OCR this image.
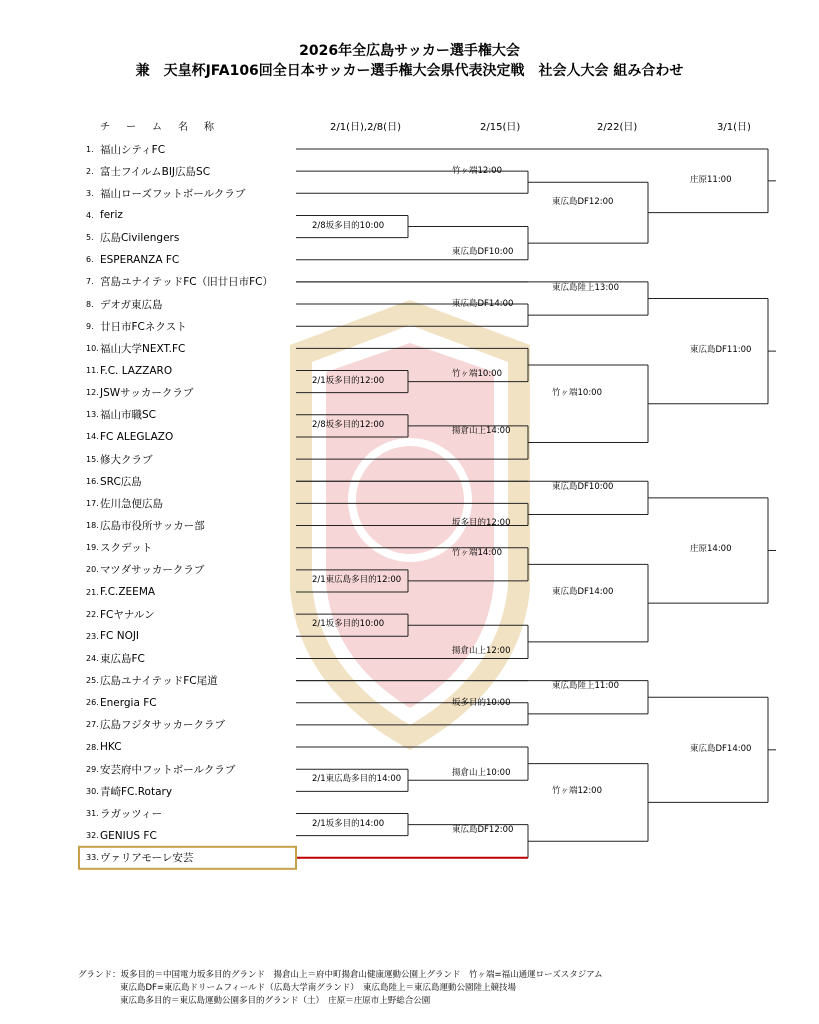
2026年全広島サッカー選手権大会
兼　天皇杯JFA106回全日本サッカー選手権大会県代表決定戦　社会人大会 組み合わせ
チ　ー　ム　名　称	2/1(日),2/8(日)	2/15(日)	2/22(日)	3/1(日)
1. 福山シティFC
2. 富士フイルムBIJ広島SC
3. 福山ローズフットボールクラブ
4. feriz
5. 広島Civilengers
6. ESPERANZA FC
7. 宮島ユナイテッドFC（旧廿日市FC）
8. デオガ東広島
9. 廿日市FCネクスト
10. 福山大学NEXT.FC
11. F.C. LAZZARO
12. JSWサッカークラブ
13. 福山市職SC
14. FC ALEGLAZO
15. 修大クラブ
16. SRC広島
17. 佐川急便広島
18. 広島市役所サッカー部
19. スクデット
20. マツダサッカークラブ
21. F.C.ZEEMA
22. FCヤナルン
23. FC NOJI
24. 東広島FC
25. 広島ユナイテッドFC尾道
26. Energia FC
27. 広島フジタサッカークラブ
28. HKC
29. 安芸府中フットボールクラブ
30. 青崎FC.Rotary
31. ラガッツィー
32. GENIUS FC
33. ヴァリアモーレ安芸
2/8坂多目的10:00
2/1坂多目的12:00
2/8坂多目的12:00
2/1東広島多目的12:00
2/1坂多目的10:00
2/1東広島多目的14:00
2/1坂多目的14:00
竹ヶ端12:00
東広島DF10:00
東広島DF14:00
竹ヶ端10:00
揚倉山上14:00
坂多目的12:00
竹ヶ端14:00
揚倉山上12:00
坂多目的10:00
揚倉山上10:00
東広島DF12:00
東広島DF12:00
東広島陸上13:00
竹ヶ端10:00
東広島DF10:00
東広島DF14:00
東広島陸上11:00
竹ヶ端12:00
庄原11:00
東広島DF11:00
庄原14:00
東広島DF14:00
グランド：坂多目的＝中国電力坂多目的グランド　揚倉山上＝府中町揚倉山健康運動公園上グランド　竹ヶ端=福山通運ローズスタジアム
東広島DF=東広島ドリームフィールド（広島大学南グランド）　東広島陸上＝東広島運動公園陸上競技場
東広島多目的＝東広島運動公園多目的グランド（土）　庄原＝庄原市上野総合公園
